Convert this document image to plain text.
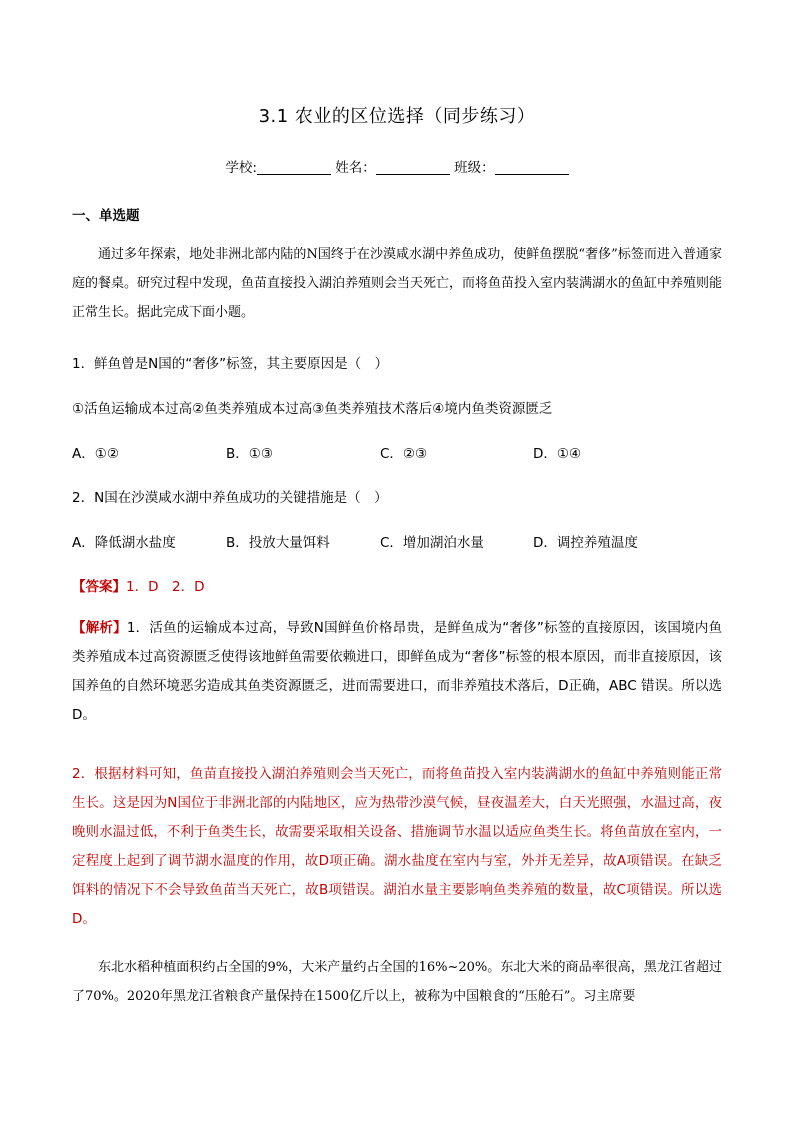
3.1 农业的区位选择（同步练习）
学校:	姓名：	班级：
一、单选题
通过多年探索，地处非洲北部内陆的N国终于在沙漠咸水湖中养鱼成功，使鲜鱼摆脱“奢侈”标签而进入普通家庭的餐桌。研究过程中发现，鱼苗直接投入湖泊养殖则会当天死亡，而将鱼苗投入室内装满湖水的鱼缸中养殖则能正常生长。据此完成下面小题。
1．鲜鱼曾是N国的“奢侈”标签，其主要原因是（　）
①活鱼运输成本过高②鱼类养殖成本过高③鱼类养殖技术落后④境内鱼类资源匮乏
A．①②	B．①③	C．②③	D．①④
2．N国在沙漠咸水湖中养鱼成功的关键措施是（　）
A．降低湖水盐度	B．投放大量饵料	C．增加湖泊水量	D．调控养殖温度
【答案】1．D　2．D
【解析】1．活鱼的运输成本过高，导致N国鲜鱼价格昂贵，是鲜鱼成为“奢侈”标签的直接原因，该国境内鱼类养殖成本过高资源匮乏使得该地鲜鱼需要依赖进口，即鲜鱼成为“奢侈”标签的根本原因，而非直接原因，该国养鱼的自然环境恶劣造成其鱼类资源匮乏，进而需要进口，而非养殖技术落后，D正确，ABC 错误。所以选D。
2．根据材料可知，鱼苗直接投入湖泊养殖则会当天死亡，而将鱼苗投入室内装满湖水的鱼缸中养殖则能正常生长。这是因为N国位于非洲北部的内陆地区，应为热带沙漠气候，昼夜温差大，白天光照强，水温过高，夜晚则水温过低，不利于鱼类生长，故需要采取相关设备、措施调节水温以适应鱼类生长。将鱼苗放在室内，一定程度上起到了调节湖水温度的作用，故D项正确。湖水盐度在室内与室，外并无差异，故A项错误。在缺乏饵料的情况下不会导致鱼苗当天死亡，故B项错误。湖泊水量主要影响鱼类养殖的数量，故C项错误。所以选D。
东北水稻种植面积约占全国的9%，大米产量约占全国的16%~20%。东北大米的商品率很高，黑龙江省超过了70%。2020年黑龙江省粮食产量保持在1500亿斤以上，被称为中国粮食的“压舱石”。习主席要
